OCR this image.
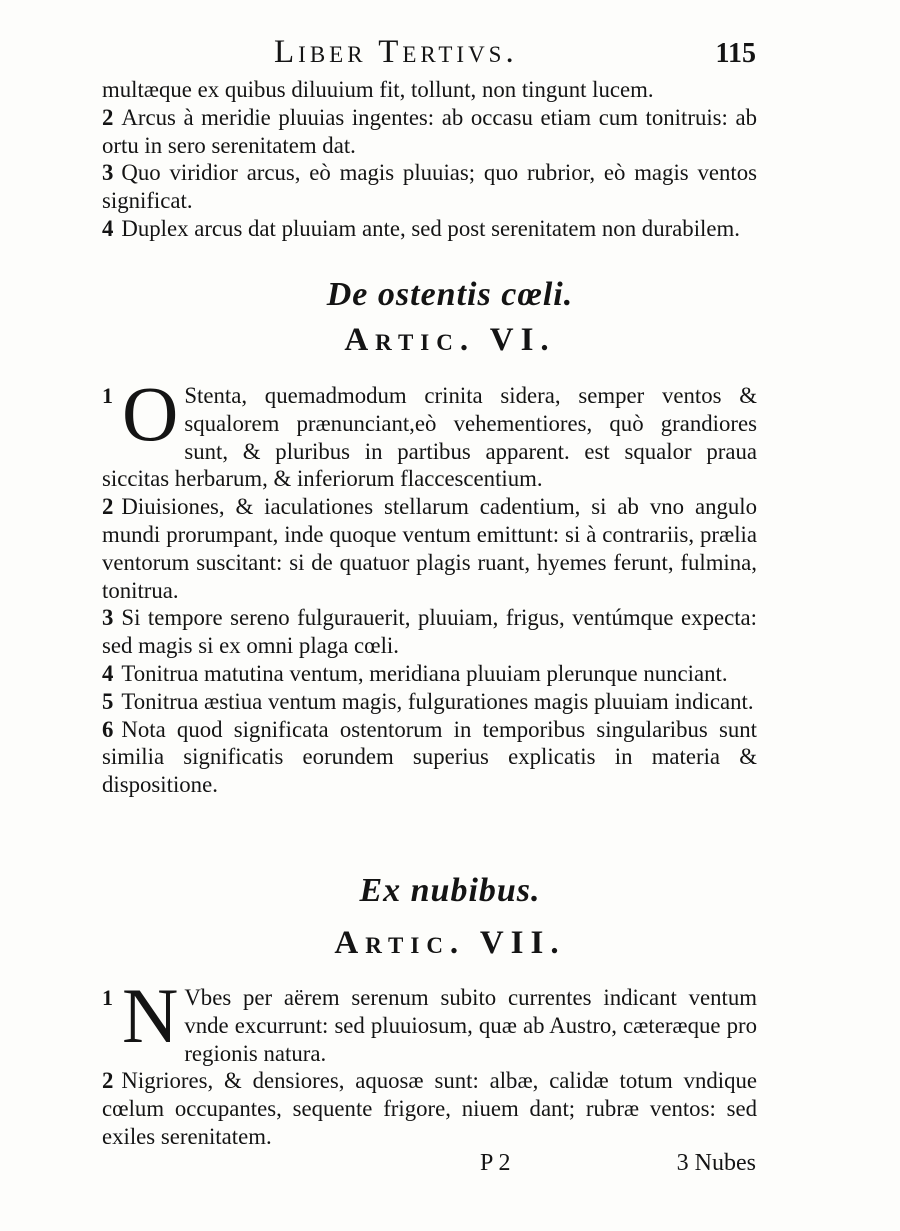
Liber Tertivs.	115
multæque ex quibus diluuium fit, tollunt, non tingunt lucem.
2 Arcus à meridie pluuias ingentes: ab occasu etiam cum tonitruis: ab ortu in sero serenitatem dat.
3 Quo viridior arcus, eò magis pluuias; quo rubrior, eò magis ventos significat.
4 Duplex arcus dat pluuiam ante, sed post serenitatem non durabilem.
De ostentis cœli.
Artic. VI.
1 O Stenta, quemadmodum crinita sidera, semper ventos & squalorem prænunciant,eò vehementiores, quò grandiores sunt, & pluribus in partibus apparent. est squalor praua siccitas herbarum, & inferiorum flaccescentium.
2 Diuisiones, & iaculationes stellarum cadentium, si ab vno angulo mundi prorumpant, inde quoque ventum emittunt: si à contrariis, prælia ventorum suscitant: si de quatuor plagis ruant, hyemes ferunt, fulmina, tonitrua.
3 Si tempore sereno fulgurauerit, pluuiam, frigus, ventúmque expecta: sed magis si ex omni plaga cœli.
4 Tonitrua matutina ventum, meridiana pluuiam plerunque nunciant.
5 Tonitrua æstiua ventum magis, fulgurationes magis pluuiam indicant.
6 Nota quod significata ostentorum in temporibus singularibus sunt similia significatis eorundem superius explicatis in materia & dispositione.
Ex nubibus.
Artic. VII.
1 N Vbes per aërem serenum subito currentes indicant ventum vnde excurrunt: sed pluuiosum, quæ ab Austro, cæteræque pro regionis natura.
2 Nigriores, & densiores, aquosæ sunt: albæ, calidæ totum vndique cœlum occupantes, sequente frigore, niuem dant; rubræ ventos: sed exiles serenitatem.
P 2	3 Nubes
